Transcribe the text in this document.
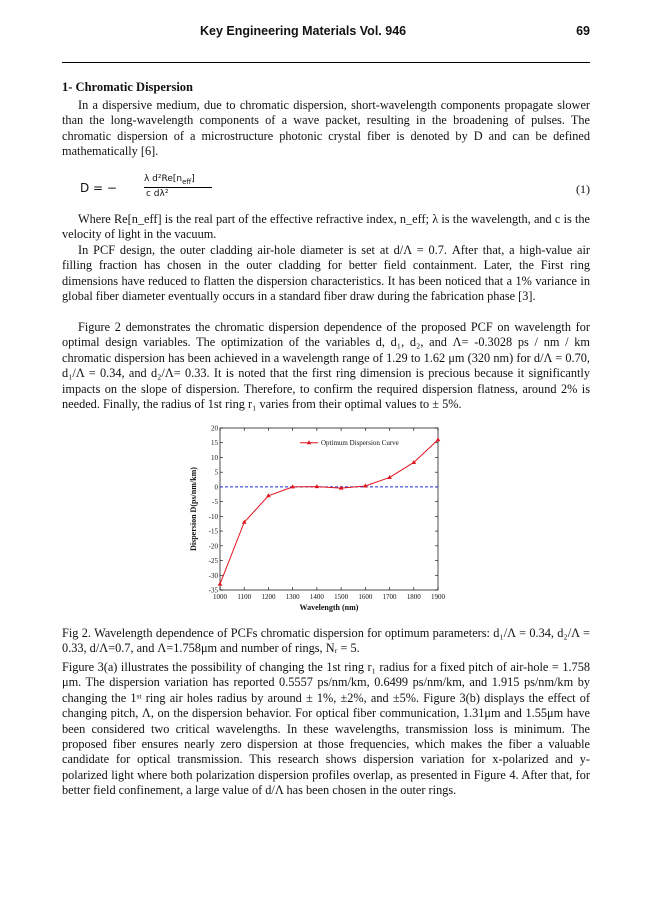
Key Engineering Materials Vol. 946	69
1- Chromatic Dispersion

In a dispersive medium, due to chromatic dispersion, short-wavelength components propagate slower than the long-wavelength components of a wave packet, resulting in the broadening of pulses. The chromatic dispersion of a microstructure photonic crystal fiber is denoted by D and can be defined mathematically [6].

D = −
λ $d^2Re[n_{eff}]$
c dλ²	(1)

Where Re[n_eff] is the real part of the effective refractive index, n_eff; λ is the wavelength, and c is the velocity of light in the vacuum.

In PCF design, the outer cladding air-hole diameter is set at d/Λ = 0.7. After that, a high-value air filling fraction has chosen in the outer cladding for better field containment. Later, the First ring dimensions have reduced to flatten the dispersion characteristics. It has been noticed that a 1% variance in global fiber diameter eventually occurs in a standard fiber draw during the fabrication phase [3].

Figure 2 demonstrates the chromatic dispersion dependence of the proposed PCF on wavelength for optimal design variables. The optimization of the variables d, d₁, d₂, and Λ= -0.3028 ps / nm / km chromatic dispersion has been achieved in a wavelength range of 1.29 to 1.62 μm (320 nm) for d/Λ = 0.70, d₁/Λ = 0.34, and d₂/Λ= 0.33. It is noted that the first ring dimension is precious because it significantly impacts on the slope of dispersion. Therefore, to confirm the required dispersion flatness, around 2% is needed. Finally, the radius of 1st ring r₁ varies from their optimal values to ± 5%.

1000 1100 1200 1300 1400 1500 1600 1700 1800 1900
20
15
10
5
0
-5
-10
-15
-20
-25
-30
-35
Wavelength (nm)
Dispersion D(ps/nm/km)
Optimum Dispersion Curve

Fig 2. Wavelength dependence of PCFs chromatic dispersion for optimum parameters: d₁/Λ = 0.34, d₂/Λ = 0.33, d/Λ=0.7, and Λ=1.758μm and number of rings, Nᵣ = 5.

Figure 3(a) illustrates the possibility of changing the 1st ring r₁ radius for a fixed pitch of air-hole = 1.758 μm. The dispersion variation has reported 0.5557 ps/nm/km, 0.6499 ps/nm/km, and 1.915 ps/nm/km by changing the 1ˢᵗ ring air holes radius by around ± 1%, ±2%, and ±5%. Figure 3(b) displays the effect of changing pitch, Λ, on the dispersion behavior. For optical fiber communication, 1.31μm and 1.55μm have been considered two critical wavelengths. In these wavelengths, transmission loss is minimum. The proposed fiber ensures nearly zero dispersion at those frequencies, which makes the fiber a valuable candidate for optical transmission. This research shows dispersion variation for x-polarized and y-polarized light where both polarization dispersion profiles overlap, as presented in Figure 4. After that, for better field confinement, a large value of d/Λ has been chosen in the outer rings.
